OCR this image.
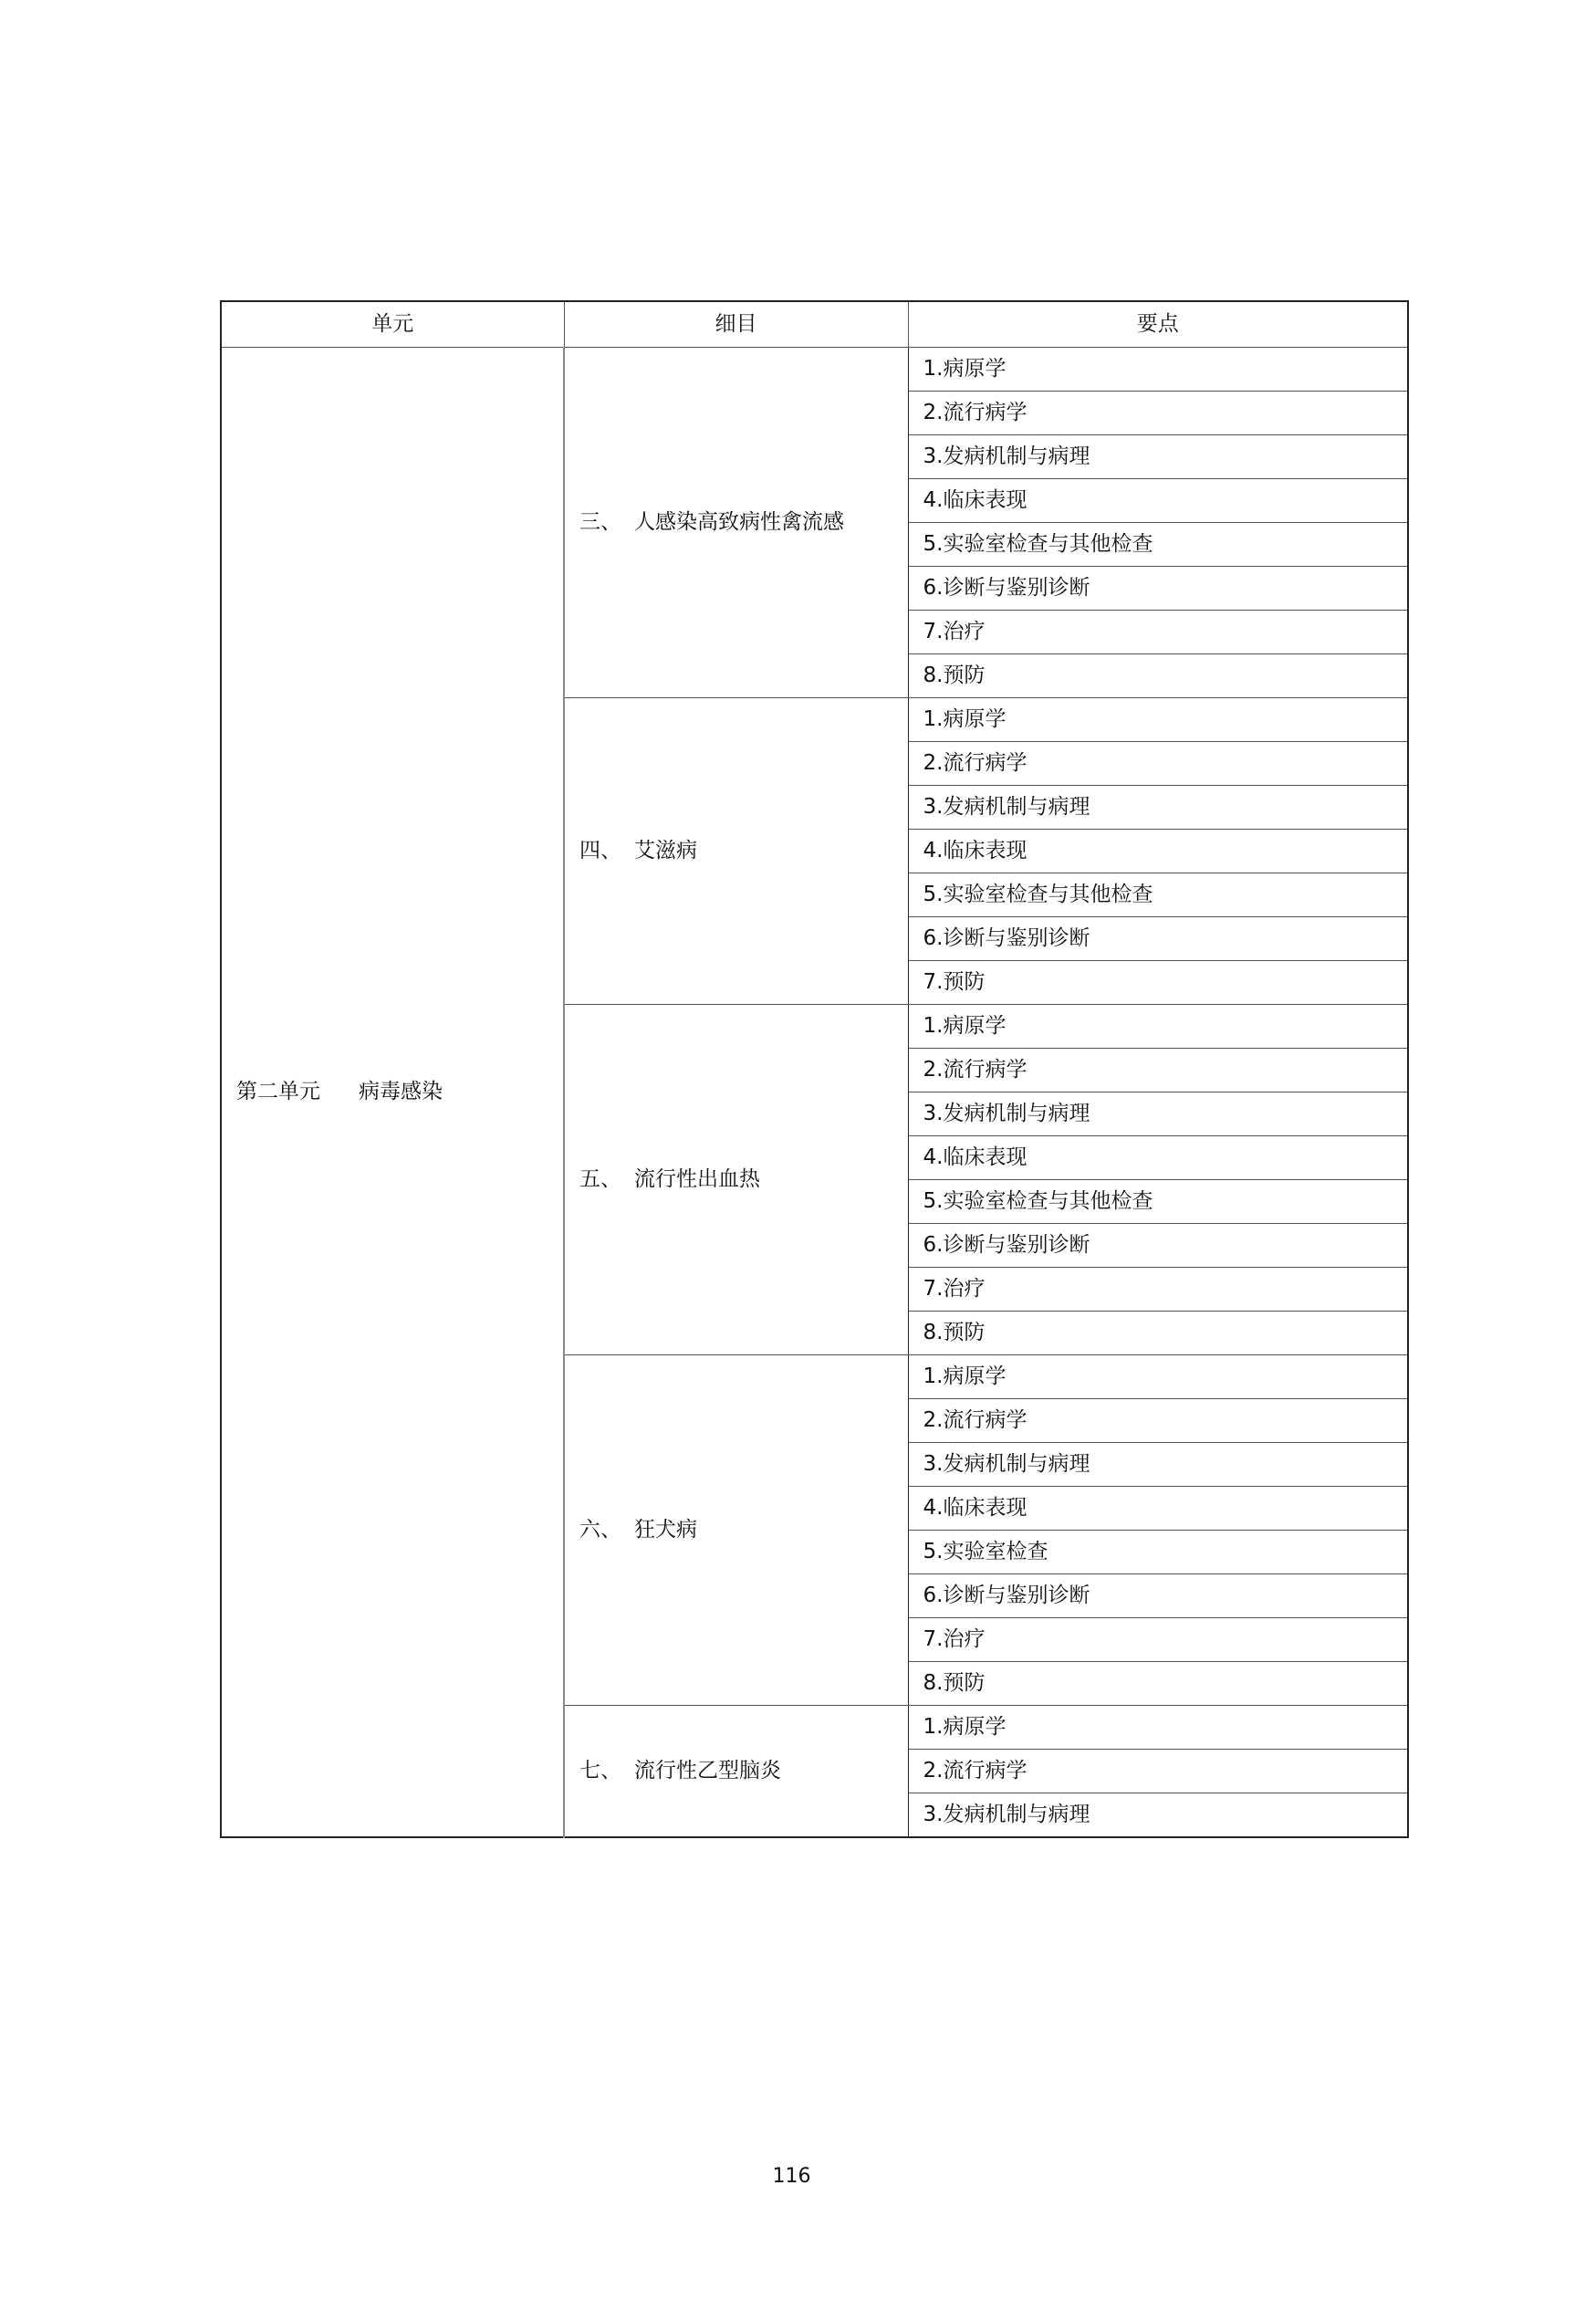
单元	细目	要点
第二单元 病毒感染	三、 人感染高致病性禽流感	1.病原学
		2.流行病学
		3.发病机制与病理
		4.临床表现
		5.实验室检查与其他检查
		6.诊断与鉴别诊断
		7.治疗
		8.预防
	四、 艾滋病	1.病原学
		2.流行病学
		3.发病机制与病理
		4.临床表现
		5.实验室检查与其他检查
		6.诊断与鉴别诊断
		7.预防
	五、 流行性出血热	1.病原学
		2.流行病学
		3.发病机制与病理
		4.临床表现
		5.实验室检查与其他检查
		6.诊断与鉴别诊断
		7.治疗
		8.预防
	六、 狂犬病	1.病原学
		2.流行病学
		3.发病机制与病理
		4.临床表现
		5.实验室检查
		6.诊断与鉴别诊断
		7.治疗
		8.预防
	七、 流行性乙型脑炎	1.病原学
		2.流行病学
		3.发病机制与病理
116
